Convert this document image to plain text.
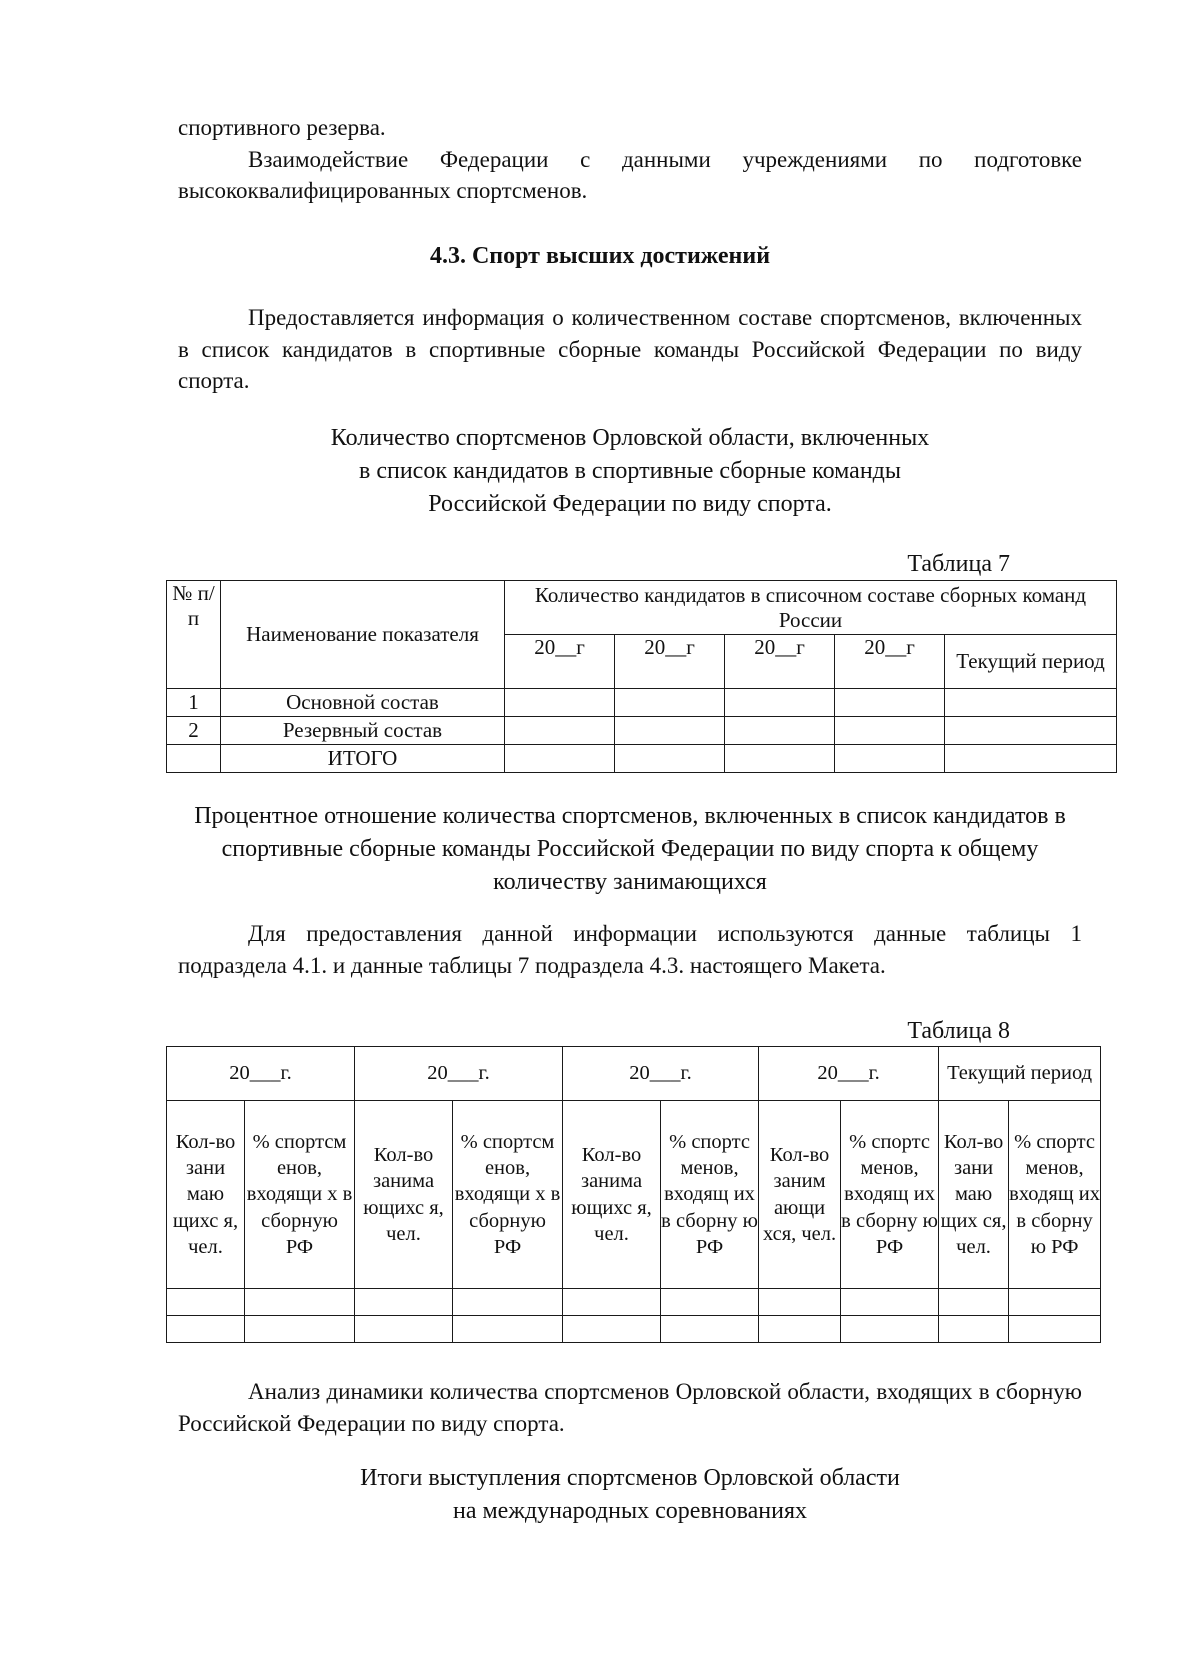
спортивного резерва.

Взаимодействие Федерации с данными учреждениями по подготовке высококвалифицированных спортсменов.

4.3. Спорт высших достижений

Предоставляется информация о количественном составе спортсменов, включенных в список кандидатов в спортивные сборные команды Российской Федерации по виду спорта.

Количество спортсменов Орловской области, включенных

в список кандидатов в спортивные сборные команды

Российской Федерации по виду спорта.

Таблица 7
№ п/п	Наименование показателя	Количество кандидатов в списочном составе сборных команд России				
		20__г	20__г	20__г	20__г	Текущий период
1	Основной состав					
2	Резервный состав					
	ИТОГО					
Процентное отношение количества спортсменов, включенных в список кандидатов в спортивные сборные команды Российской Федерации по виду спорта к общему количеству занимающихся

Для предоставления данной информации используются данные таблицы 1 подраздела 4.1. и данные таблицы 7 подраздела 4.3. настоящего Макета.

Таблица 8
20___г.		20___г.		20___г.		20___г.		Текущий период	
Кол-во зани маю щихс я, чел.	% спортсм енов, входящи х в сборную РФ	Кол-во занима ющихс я, чел.	% спортсм енов, входящи х в сборную РФ	Кол-во занима ющихс я, чел.	% спортс менов, входящ их в сборну ю РФ	Кол-во заним ающи хся, чел.	% спортс менов, входящ их в сборну ю РФ	Кол-во зани маю щих ся, чел.	% спортс менов, входящ их в сборну ю РФ

Анализ динамики количества спортсменов Орловской области, входящих в сборную Российской Федерации по виду спорта.

Итоги выступления спортсменов Орловской области

на международных соревнованиях
